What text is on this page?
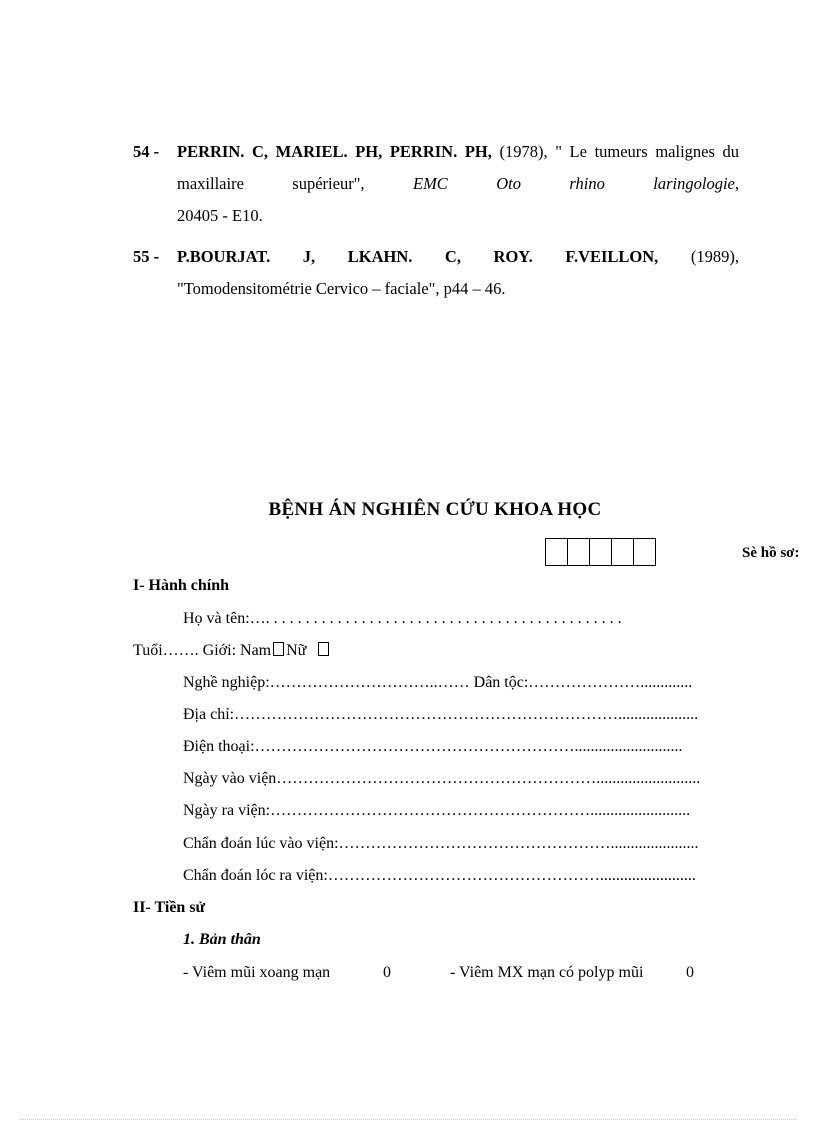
54 - PERRIN. C, MARIEL. PH, PERRIN. PH, (1978), " Le tumeurs malignes du maxillaire supérieur",	EMC Oto rhino laringologie,
20405 - E10.
55 - P.BOURJAT. J, LKAHN. C, ROY. F.VEILLON, (1989),
"Tomodensitométrie Cervico – faciale", p44 – 46.
BỆNH ÁN NGHIÊN CỨU KHOA HỌC
Sè hồ sơ:
I- Hành chính
Họ và tên:…. . . . . . . . . . . . . . . . . . . . . . . . . . . . . . . . . . . . . . . . . . . . .
Tuổi……. Giới: Nam Nữ
Nghề nghiệp:…………………………..…… Dân tộc:………………….............
Địa chỉ:………………………………………………………………....................
Điện thoại:……………………………………………………...........................
Ngày vào viện……………………………………………………..........................
Ngày ra viện:…………………………………………………….........................
Chẩn đoán lúc vào viện:……………………………………………......................
Chẩn đoán lóc ra viện:……………………………………………........................
II- Tiền sử
1. Bản thân
- Viêm mũi xoang mạn	0	- Viêm MX mạn có polyp mũi	0
